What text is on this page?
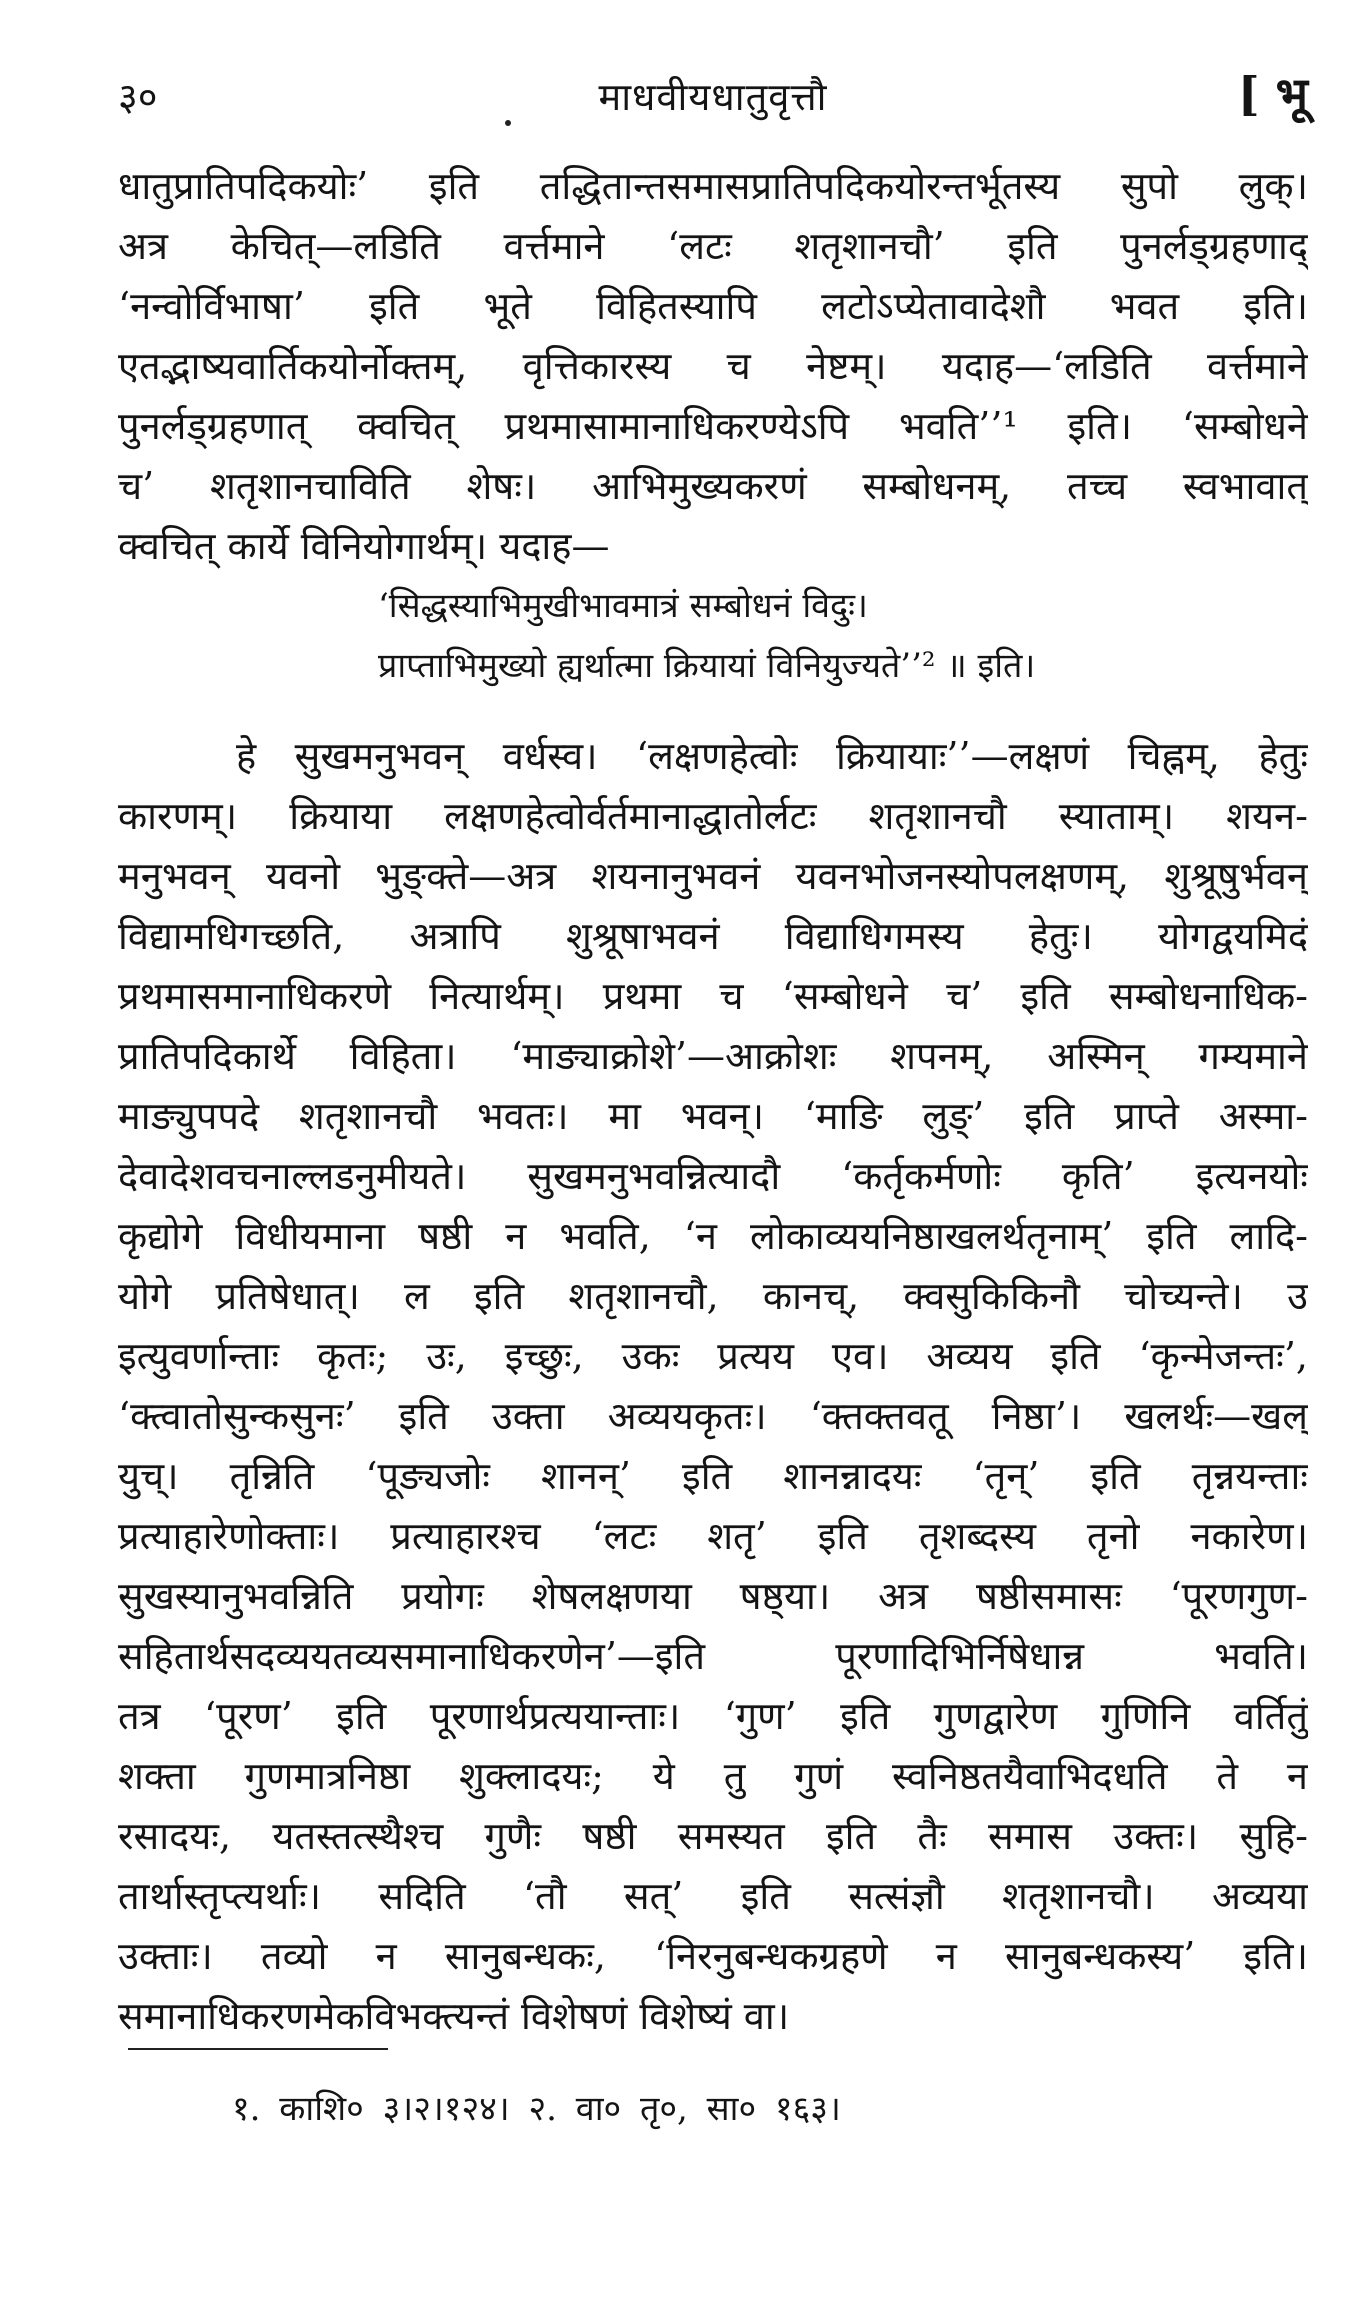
३०	माधवीयधातुवृत्तौ	[ भू
धातुप्रातिपदिकयोः’ इति तद्धितान्तसमासप्रातिपदिकयोरन्तर्भूतस्य सुपो लुक्।
अत्र केचित्—लडिति वर्त्तमाने ‘लटः शतृशानचौ’ इति पुनर्लड्ग्रहणाद्
‘नन्वोर्विभाषा’ इति भूते विहितस्यापि लटोऽप्येतावादेशौ भवत इति।
एतद्भाष्यवार्तिकयोर्नोक्तम्, वृत्तिकारस्य च नेष्टम्। यदाह—‘लडिति वर्त्तमाने
पुनर्लड्ग्रहणात् क्वचित् प्रथमासामानाधिकरण्येऽपि भवति’’¹ इति। ‘सम्बोधने
च’ शतृशानचाविति शेषः। आभिमुख्यकरणं सम्बोधनम्, तच्च स्वभावात्
क्वचित् कार्ये विनियोगार्थम्। यदाह—
‘सिद्धस्याभिमुखीभावमात्रं सम्बोधनं विदुः।
प्राप्ताभिमुख्यो ह्यर्थात्मा क्रियायां विनियुज्यते’’² ॥ इति।
हे सुखमनुभवन् वर्धस्व। ‘लक्षणहेत्वोः क्रियायाः’’—लक्षणं चिह्नम्, हेतुः
कारणम्। क्रियाया लक्षणहेत्वोर्वर्तमानाद्धातोर्लटः शतृशानचौ स्याताम्। शयन-
मनुभवन् यवनो भुङ्क्ते—अत्र शयनानुभवनं यवनभोजनस्योपलक्षणम्, शुश्रूषुर्भवन्
विद्यामधिगच्छति, अत्रापि शुश्रूषाभवनं विद्याधिगमस्य हेतुः। योगद्वयमिदं
प्रथमासमानाधिकरणे नित्यार्थम्। प्रथमा च ‘सम्बोधने च’ इति सम्बोधनाधिक-
प्रातिपदिकार्थे विहिता। ‘माङ्याक्रोशे’—आक्रोशः शपनम्, अस्मिन् गम्यमाने
माङ्युपपदे शतृशानचौ भवतः। मा भवन्। ‘माङि लुङ्’ इति प्राप्ते अस्मा-
देवादेशवचनाल्लडनुमीयते। सुखमनुभवन्नित्यादौ ‘कर्तृकर्मणोः कृति’ इत्यनयोः
कृद्योगे विधीयमाना षष्ठी न भवति, ‘न लोकाव्ययनिष्ठाखलर्थतृनाम्’ इति लादि-
योगे प्रतिषेधात्। ल इति शतृशानचौ, कानच्, क्वसुकिकिनौ चोच्यन्ते। उ
इत्युवर्णान्ताः कृतः; उः, इच्छुः, उकः प्रत्यय एव। अव्यय इति ‘कृन्मेजन्तः’,
‘क्त्वातोसुन्कसुनः’ इति उक्ता अव्ययकृतः। ‘क्तक्तवतू निष्ठा’। खलर्थः—खल्
युच्। तृन्निति ‘पूङ्यजोः शानन्’ इति शानन्नादयः ‘तृन्’ इति तृन्नयन्ताः
प्रत्याहारेणोक्ताः। प्रत्याहारश्च ‘लटः शतृ’ इति तृशब्दस्य तृनो नकारेण।
सुखस्यानुभवन्निति प्रयोगः शेषलक्षणया षष्ठ्या। अत्र षष्ठीसमासः ‘पूरणगुण-
सहितार्थसदव्ययतव्यसमानाधिकरणेन’—इति पूरणादिभिर्निषेधान्न भवति।
तत्र ‘पूरण’ इति पूरणार्थप्रत्ययान्ताः। ‘गुण’ इति गुणद्वारेण गुणिनि वर्तितुं
शक्ता गुणमात्रनिष्ठा शुक्लादयः; ये तु गुणं स्वनिष्ठतयैवाभिदधति ते न
रसादयः, यतस्तत्स्थैश्च गुणैः षष्ठी समस्यत इति तैः समास उक्तः। सुहि-
तार्थास्तृप्त्यर्थाः। सदिति ‘तौ सत्’ इति सत्संज्ञौ शतृशानचौ। अव्यया
उक्ताः। तव्यो न सानुबन्धकः, ‘निरनुबन्धकग्रहणे न सानुबन्धकस्य’ इति।
समानाधिकरणमेकविभक्त्यन्तं विशेषणं विशेष्यं वा।
१. काशि० ३।२।१२४। २. वा० तृ०, सा० १६३।
